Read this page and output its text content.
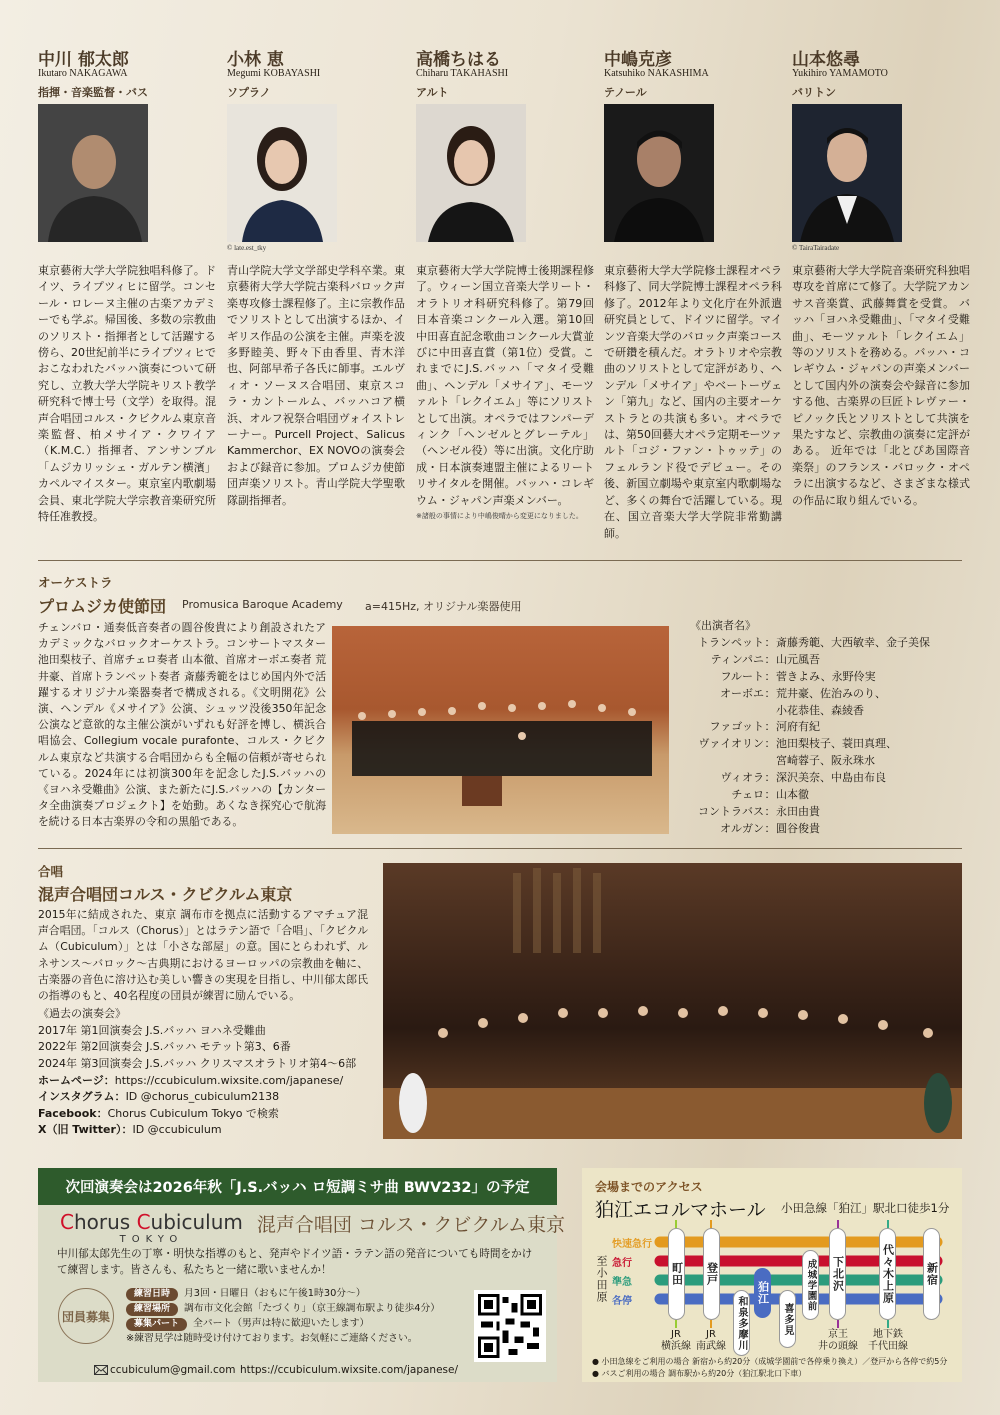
中川 郁太郎
Ikutaro NAKAGAWA
指揮・音楽監督・バス
東京藝術大学大学院独唱科修了。ドイツ、ライプツィヒに留学。コンセール・ロレーヌ主催の古楽アカデミーでも学ぶ。帰国後、多数の宗教曲のソリスト・指揮者として活躍する傍ら、20世紀前半にライプツィヒでおこなわれたバッハ演奏について研究し、立教大学大学院キリスト教学研究科で博士号（文学）を取得。混声合唱団コルス・クビクルム東京音楽監督、柏メサイア・クワイア（K.M.C.）指揮者、アンサンブル「ムジカリッシェ・ガルテン横濱」カペルマイスター。東京室内歌劇場会員、東北学院大学宗教音楽研究所特任准教授。
小林 恵
Megumi KOBAYASHI
ソプラノ
© late.est_tky
青山学院大学文学部史学科卒業。東京藝術大学大学院古楽科バロック声楽専攻修士課程修了。主に宗教作品でソリストとして出演するほか、イギリス作品の公演を主催。声楽を波多野睦美、野々下由香里、青木洋也、阿部早希子各氏に師事。エルヴィオ・ソーヌス合唱団、東京スコラ・カントールム、バッハコア横浜、オルフ祝祭合唱団ヴォイストレーナー。Purcell Project、Salicus Kammerchor、EX NOVOの演奏会および録音に参加。プロムジカ使節団声楽ソリスト。青山学院大学聖歌隊副指揮者。
高橋ちはる
Chiharu TAKAHASHI
アルト
東京藝術大学大学院博士後期課程修了。ウィーン国立音楽大学リート・オラトリオ科研究科修了。第79回日本音楽コンクール入選。第10回中田喜直記念歌曲コンクール大賞並びに中田喜直賞（第1位）受賞。これまでにJ.S.バッハ「マタイ受難曲」、ヘンデル「メサイア」、モーツァルト「レクイエム」等にソリストとして出演。オペラではフンパーディンク「ヘンゼルとグレーテル」（ヘンゼル役）等に出演。文化庁助成・日本演奏連盟主催によるリートリサイタルを開催。バッハ・コレギウム・ジャパン声楽メンバー。
※諸般の事情により中嶋俊晴から変更になりました。
中嶋克彦
Katsuhiko NAKASHIMA
テノール
東京藝術大学大学院修士課程オペラ科修了、同大学院博士課程オペラ科修了。2012年より文化庁在外派遣研究員として、ドイツに留学。マインツ音楽大学のバロック声楽コースで研鑽を積んだ。オラトリオや宗教曲のソリストとして定評があり、ヘンデル「メサイア」やベートーヴェン「第九」など、国内の主要オーケストラとの共演も多い。オペラでは、第50回藝大オペラ定期モーツァルト「コジ・ファン・トゥッテ」のフェルランド役でデビュー。その後、新国立劇場や東京室内歌劇場など、多くの舞台で活躍している。現在、国立音楽大学大学院非常勤講師。
山本悠尋
Yukihiro YAMAMOTO
バリトン
© TairaTairadate
東京藝術大学大学院音楽研究科独唱専攻を首席にて修了。大学院アカンサス音楽賞、武藤舞賞を受賞。 バッハ「ヨハネ受難曲」、「マタイ受難曲」、モーツァルト「レクイエム」等のソリストを務める。バッハ・コレギウム・ジャパンの声楽メンバーとして国内外の演奏会や録音に参加する他、古楽界の巨匠トレヴァー・ピノック氏とソリストとして共演を果たすなど、宗教曲の演奏に定評がある。 近年では「北とぴあ国際音楽祭」のフランス・バロック・オペラに出演するなど、さまざまな様式の作品に取り組んでいる。
オーケストラ
プロムジカ使節団 Promusica Baroque Academy a=415Hz, オリジナル楽器使用
チェンバロ・通奏低音奏者の圓谷俊貴により創設されたアカデミックなバロックオーケストラ。コンサートマスター池田梨枝子、首席チェロ奏者 山本徹、首席オーボエ奏者 荒井豪、首席トランペット奏者 斎藤秀範をはじめ国内外で活躍するオリジナル楽器奏者で構成される。《文明開花》公演、ヘンデル《メサイア》公演、シュッツ没後350年記念公演など意欲的な主催公演がいずれも好評を博し、横浜合唱協会、Collegium vocale purafonte、コルス・クビクルム東京など共演する合唱団からも全幅の信頼が寄せられている。2024年には初演300年を記念したJ.S.バッハの《ヨハネ受難曲》公演、また新たにJ.S.バッハの【カンタータ全曲演奏プロジェクト】を始動。あくなき探究心で航海を続ける日本古楽界の令和の黒船である。
《出演者名》
トランペット ： 斎藤秀範、大西敏幸、金子美保
ティンパニ ： 山元風吾
フルート ： 菅きよみ、永野伶実
オーボエ ： 荒井豪、佐治みのり、
小花恭佳、森綾香
ファゴット ： 河府有紀
ヴァイオリン ： 池田梨枝子、蓑田真理、
宮崎蓉子、阪永珠水
ヴィオラ ： 深沢美奈、中島由布良
チェロ ： 山本徹
コントラバス ： 永田由貴
オルガン ： 圓谷俊貴
合唱
混声合唱団コルス・クビクルム東京
2015年に結成された、東京 調布市を拠点に活動するアマチュア混声合唱団。「コルス（Chorus）」とはラテン語で「合唱」、「クビクルム（Cubiculum）」とは「小さな部屋」の意。国にとらわれず、ルネサンス〜バロック〜古典期におけるヨーロッパの宗教曲を軸に、古楽器の音色に溶け込む美しい響きの実現を目指し、中川郁太郎氏の指導のもと、40名程度の団員が練習に励んでいる。
《過去の演奏会》
2017年 第1回演奏会 J.S.バッハ ヨハネ受難曲
2022年 第2回演奏会 J.S.バッハ モテット第3、6番
2024年 第3回演奏会 J.S.バッハ クリスマスオラトリオ第4〜6部
ホームページ：https://ccubiculum.wixsite.com/japanese/
インスタグラム：ID @chorus_cubiculum2138
Facebook：Chorus Cubiculum Tokyo で検索
X（旧 Twitter）：ID @ccubiculum
次回演奏会は2026年秋「J.S.バッハ ロ短調ミサ曲 BWV232」の予定
Chorus Cubiculum
TOKYO
混声合唱団 コルス・クビクルム東京
中川郁太郎先生の丁寧・明快な指導のもと、発声やドイツ語・ラテン語の発音についても時間をかけて練習します。皆さんも、私たちと一緒に歌いませんか！
団員募集
練習日時 月3回・日曜日（おもに午後1時30分〜）
練習場所 調布市文化会館「たづくり」（京王線調布駅より徒歩4分）
募集パート 全パート（男声は特に歓迎いたします）
※練習見学は随時受け付けております。お気軽にご連絡ください。
ccubiculum@gmail.com https://ccubiculum.wixsite.com/japanese/
会場までのアクセス
狛江エコルマホール 小田急線「狛江」駅北口徒歩1分
至小田原
快速急行
急行
準急
各停
町田 登戸
和泉多摩川
狛江
喜多見
成城学園前 下北沢	代々木上原	新宿
JR
横浜線
JR
南武線
京王
井の頭線
地下鉄
千代田線
● 小田急線をご利用の場合 新宿から約20分（成城学園前で各停乗り換え）／登戸から各停で約5分
● バスご利用の場合 調布駅から約20分（狛江駅北口下車）
